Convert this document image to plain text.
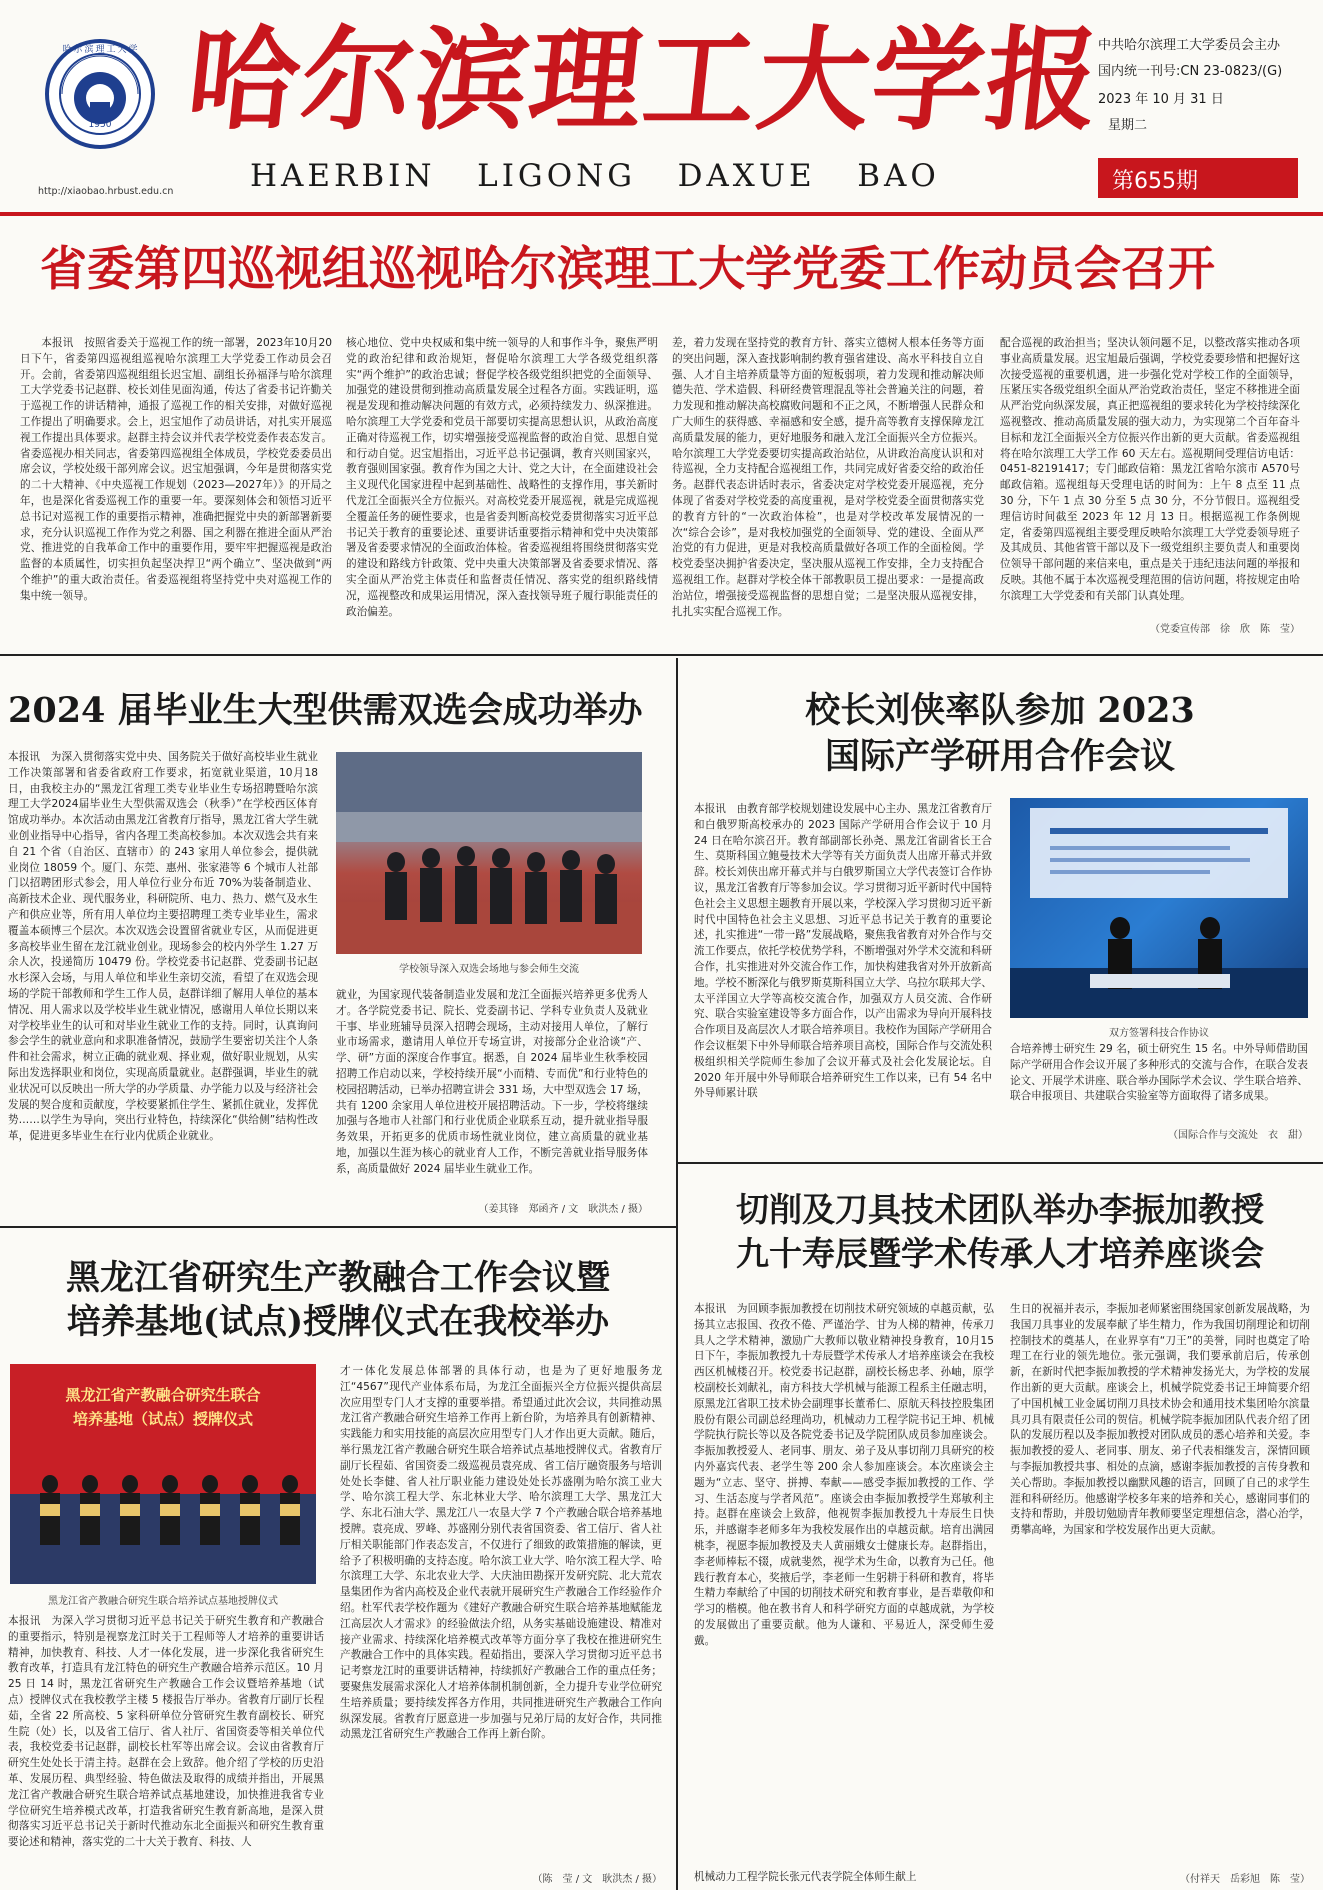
哈尔滨理工大学
1950
http://xiaobao.hrbust.edu.cn
哈尔滨理工大学报
HAERBIN   LIGONG   DAXUE   BAO
中共哈尔滨理工大学委员会主办
国内统一刊号:CN 23-0823/(G)
2023 年 10 月 31 日
星期二
第655期
省委第四巡视组巡视哈尔滨理工大学党委工作动员会召开
本报讯　按照省委关于巡视工作的统一部署，2023年10月20日下午，省委第四巡视组巡视哈尔滨理工大学党委工作动员会召开。会前，省委第四巡视组组长迟宝旭、副组长孙福泽与哈尔滨理工大学党委书记赵群、校长刘佳见面沟通，传达了省委书记许勤关于巡视工作的讲话精神，通报了巡视工作的相关安排，对做好巡视工作提出了明确要求。会上，迟宝旭作了动员讲话，对扎实开展巡视工作提出具体要求。赵群主持会议并代表学校党委作表态发言。省委巡视办相关同志，省委第四巡视组全体成员，学校党委委员出席会议，学校处级干部列席会议。迟宝旭强调，今年是贯彻落实党的二十大精神、《中央巡视工作规划（2023—2027年）》的开局之年，也是深化省委巡视工作的重要一年。要深刻体会和领悟习近平总书记对巡视工作的重要指示精神，准确把握党中央的新部署新要求，充分认识巡视工作作为党之利器、国之利器在推进全面从严治党、推进党的自我革命工作中的重要作用，要牢牢把握巡视是政治监督的本质属性，切实担负起坚决捍卫“两个确立”、坚决做到“两个维护”的重大政治责任。省委巡视组将坚持党中央对巡视工作的集中统一领导。
核心地位、党中央权威和集中统一领导的人和事作斗争，聚焦严明党的政治纪律和政治规矩，督促哈尔滨理工大学各级党组织落实“两个维护”的政治忠诚；督促学校各级党组织把党的全面领导、加强党的建设贯彻到推动高质量发展全过程各方面。实践证明，巡视是发现和推动解决问题的有效方式，必须持续发力、纵深推进。哈尔滨理工大学党委和党员干部要切实提高思想认识，从政治高度正确对待巡视工作，切实增强接受巡视监督的政治自觉、思想自觉和行动自觉。迟宝旭指出，习近平总书记强调，教育兴则国家兴，教育强则国家强。教育作为国之大计、党之大计，在全面建设社会主义现代化国家进程中起到基础性、战略性的支撑作用，事关新时代龙江全面振兴全方位振兴。对高校党委开展巡视，就是完成巡视全覆盖任务的硬性要求，也是省委判断高校党委贯彻落实习近平总书记关于教育的重要论述、重要讲话重要指示精神和党中央决策部署及省委要求情况的全面政治体检。省委巡视组将围绕贯彻落实党的建设和路线方针政策、党中央重大决策部署及省委要求情况、落实全面从严治党主体责任和监督责任情况、落实党的组织路线情况，巡视整改和成果运用情况，深入查找领导班子履行职能责任的政治偏差。
差，着力发现在坚持党的教育方针、落实立德树人根本任务等方面的突出问题，深入查找影响制约教育强省建设、高水平科技自立自强、人才自主培养质量等方面的短板弱项，着力发现和推动解决师德失范、学术造假、科研经费管理混乱等社会普遍关注的问题，着力发现和推动解决高校腐败问题和不正之风，不断增强人民群众和广大师生的获得感、幸福感和安全感，提升高等教育支撑保障龙江高质量发展的能力，更好地服务和融入龙江全面振兴全方位振兴。哈尔滨理工大学党委要切实提高政治站位，从讲政治高度认识和对待巡视，全力支持配合巡视组工作，共同完成好省委交给的政治任务。赵群代表态讲话时表示，省委决定对学校党委开展巡视，充分体现了省委对学校党委的高度重视，是对学校党委全面贯彻落实党的教育方针的“一次政治体检”，也是对学校改革发展情况的一次“综合会诊”，是对我校加强党的全面领导、党的建设、全面从严治党的有力促进，更是对我校高质量做好各项工作的全面检阅。学校党委坚决拥护省委决定，坚决服从巡视工作安排，全力支持配合巡视组工作。赵群对学校全体干部教职员工提出要求：一是提高政治站位，增强接受巡视监督的思想自觉；二是坚决服从巡视安排，扎扎实实配合巡视工作。
配合巡视的政治担当；坚决认领问题不足，以整改落实推动各项事业高质量发展。迟宝旭最后强调，学校党委要珍惜和把握好这次接受巡视的重要机遇，进一步强化党对学校工作的全面领导，压紧压实各级党组织全面从严治党政治责任，坚定不移推进全面从严治党向纵深发展，真正把巡视组的要求转化为学校持续深化巡视整改、推动高质量发展的强大动力，为实现第二个百年奋斗目标和龙江全面振兴全方位振兴作出新的更大贡献。省委巡视组将在哈尔滨理工大学工作 60 天左右。巡视期间受理信访电话：0451-82191417；专门邮政信箱：黑龙江省哈尔滨市 A570号邮政信箱。巡视组每天受理电话的时间为：上午 8 点至 11 点 30 分，下午 1 点 30 分至 5 点 30 分，不分节假日。巡视组受理信访时间截至 2023 年 12 月 13 日。根据巡视工作条例规定，省委第四巡视组主要受理反映哈尔滨理工大学党委领导班子及其成员、其他省管干部以及下一级党组织主要负责人和重要岗位领导干部问题的来信来电，重点是关于违纪违法问题的举报和反映。其他不属于本次巡视受理范围的信访问题，将按规定由哈尔滨理工大学党委和有关部门认真处理。
（党委宣传部　徐　欣　陈　莹）
2024 届毕业生大型供需双选会成功举办
本报讯　为深入贯彻落实党中央、国务院关于做好高校毕业生就业工作决策部署和省委省政府工作要求，拓宽就业渠道，10月18日，由我校主办的“黑龙江省理工类专业毕业生专场招聘暨哈尔滨理工大学2024届毕业生大型供需双选会（秋季）”在学校西区体育馆成功举办。本次活动由黑龙江省教育厅指导，黑龙江省大学生就业创业指导中心指导，省内各理工类高校参加。本次双选会共有来自 21 个省（自治区、直辖市）的 243 家用人单位参会，提供就业岗位 18059 个。厦门、东莞、惠州、张家港等 6 个城市人社部门以招聘团形式参会，用人单位行业分布近 70%为装备制造业、高新技术企业、现代服务业，科研院所、电力、热力、燃气及水生产和供应业等，所有用人单位均主要招聘理工类专业毕业生，需求覆盖本硕博三个层次。本次双选会设置留省就业专区，从而促进更多高校毕业生留在龙江就业创业。现场参会的校内外学生 1.27 万余人次，投递简历 10479 份。学校党委书记赵群、党委副书记赵水杉深入会场，与用人单位和毕业生亲切交流，看望了在双选会现场的学院干部教师和学生工作人员，赵群详细了解用人单位的基本情况、用人需求以及学校毕业生就业情况，感谢用人单位长期以来对学校毕业生的认可和对毕业生就业工作的支持。同时，认真询问参会学生的就业意向和求职准备情况，鼓励学生要密切关注个人条件和社会需求，树立正确的就业观、择业观，做好职业规划，从实际出发选择职业和岗位，实现高质量就业。赵群强调，毕业生的就业状况可以反映出一所大学的办学质量、办学能力以及与经济社会发展的契合度和贡献度，学校要紧抓住学生、紧抓住就业，发挥优势……以学生为导向，突出行业特色，持续深化“供给侧”结构性改革，促进更多毕业生在行业内优质企业就业。
学校领导深入双选会场地与参会师生交流
就业，为国家现代装备制造业发展和龙江全面振兴培养更多优秀人才。各学院党委书记、院长、党委副书记、学科专业负责人及就业干事、毕业班辅导员深入招聘会现场，主动对接用人单位，了解行业市场需求，邀请用人单位开专场宣讲，对接部分企业洽谈“产、学、研”方面的深度合作事宜。据悉，自 2024 届毕业生秋季校园招聘工作启动以来，学校持续开展“小而精、专而优”和行业特色的校园招聘活动，已举办招聘宣讲会 331 场，大中型双选会 17 场，共有 1200 余家用人单位进校开展招聘活动。下一步，学校将继续加强与各地市人社部门和行业优质企业联系互动，提升就业指导服务效果，开拓更多的优质市场性就业岗位，建立高质量的就业基地，加强以生涯为核心的就业育人工作，不断完善就业指导服务体系，高质量做好 2024 届毕业生就业工作。
（姜其锋　郑函齐 / 文　耿洪杰 / 摄）
校长刘侠率队参加 2023
国际产学研用合作会议
本报讯　由教育部学校规划建设发展中心主办、黑龙江省教育厅和白俄罗斯高校承办的 2023 国际产学研用合作会议于 10 月 24 日在哈尔滨召开。教育部副部长孙尧、黑龙江省副省长王合生、莫斯科国立鲍曼技术大学等有关方面负责人出席开幕式并致辞。校长刘侠出席开幕式并与白俄罗斯国立大学代表签订合作协议，黑龙江省教育厅等参加会议。学习贯彻习近平新时代中国特色社会主义思想主题教育开展以来，学校深入学习贯彻习近平新时代中国特色社会主义思想、习近平总书记关于教育的重要论述，扎实推进“一带一路”发展战略，聚焦我省教育对外合作与交流工作要点，依托学校优势学科，不断增强对外学术交流和科研合作，扎实推进对外交流合作工作，加快构建我省对外开放新高地。学校不断深化与俄罗斯莫斯科国立大学、乌拉尔联邦大学、太平洋国立大学等高校交流合作，加强双方人员交流、合作研究、联合实验室建设等多方面合作，以产出需求为导向开展科技合作项目及高层次人才联合培养项目。我校作为国际产学研用合作会议框架下中外导师联合培养项目高校，国际合作与交流处积极组织相关学院师生参加了会议开幕式及社会化发展论坛。自 2020 年开展中外导师联合培养研究生工作以来，已有 54 名中外导师累计联
双方签署科技合作协议
合培养博士研究生 29 名，硕士研究生 15 名。中外导师借助国际产学研用合作会议开展了多种形式的交流与合作，在联合发表论文、开展学术讲座、联合举办国际学术会议、学生联合培养、联合申报项目、共建联合实验室等方面取得了诸多成果。
（国际合作与交流处　衣　甜）
黑龙江省研究生产教融合工作会议暨
培养基地(试点)授牌仪式在我校举办
黑龙江省产教融合研究生联合
培养基地（试点）授牌仪式
黑龙江省产教融合研究生联合培养试点基地授牌仪式
本报讯　为深入学习贯彻习近平总书记关于研究生教育和产教融合的重要指示，特别是视察龙江时关于工程师等人才培养的重要讲话精神，加快教育、科技、人才一体化发展，进一步深化我省研究生教育改革，打造具有龙江特色的研究生产教融合培养示范区。10 月 25 日 14 时，黑龙江省研究生产教融合工作会议暨培养基地（试点）授牌仪式在我校教学主楼 5 楼报告厅举办。省教育厅副厅长程茹，全省 22 所高校、5 家科研单位分管研究生教育副校长、研究生院（处）长，以及省工信厅、省人社厅、省国资委等相关单位代表，我校党委书记赵群，副校长杜军等出席会议。会议由省教育厅研究生处处长于清主持。赵群在会上致辞。他介绍了学校的历史沿革、发展历程、典型经验、特色做法及取得的成绩并指出，开展黑龙江省产教融合研究生联合培养试点基地建设，加快推进我省专业学位研究生培养模式改革，打造我省研究生教育新高地，是深入贯彻落实习近平总书记关于新时代推动东北全面振兴和研究生教育重要论述和精神，落实党的二十大关于教育、科技、人
才一体化发展总体部署的具体行动，也是为了更好地服务龙江“4567”现代产业体系布局，为龙江全面振兴全方位振兴提供高层次应用型专门人才支撑的重要举措。希望通过此次会议，共同推动黑龙江省产教融合研究生培养工作再上新台阶，为培养具有创新精神、实践能力和实用技能的高层次应用型专门人才作出更大贡献。随后，举行黑龙江省产教融合研究生联合培养试点基地授牌仪式。省教育厅副厅长程茹、省国资委二级巡视员袁亮成、省工信厅融资服务与培训处处长李健、省人社厅职业能力建设处处长苏盛刚为哈尔滨工业大学、哈尔滨工程大学、东北林业大学、哈尔滨理工大学、黑龙江大学、东北石油大学、黑龙江八一农垦大学 7 个产教融合联合培养基地授牌。袁亮成、罗峰、苏盛刚分别代表省国资委、省工信厅、省人社厅相关职能部门作表态发言，不仅进行了细致的政策措施的解读，更给予了积极明确的支持态度。哈尔滨工业大学、哈尔滨工程大学、哈尔滨理工大学、东北农业大学、大庆油田勘探开发研究院、北大荒农垦集团作为省内高校及企业代表就开展研究生产教融合工作经验作介绍。杜军代表学校作题为《建好产教融合研究生联合培养基地赋能龙江高层次人才需求》的经验做法介绍，从务实基础设施建设、精准对接产业需求、持续深化培养模式改革等方面分享了我校在推进研究生产教融合工作中的具体实践。程茹指出，要深入学习贯彻习近平总书记考察龙江时的重要讲话精神，持续抓好产教融合工作的重点任务；要聚焦发展需求深化人才培养体制机制创新，全力提升专业学位研究生培养质量；要持续发挥各方作用，共同推进研究生产教融合工作向纵深发展。省教育厅愿意进一步加强与兄弟厅局的友好合作，共同推动黑龙江省研究生产教融合工作再上新台阶。
（陈　莹 / 文　耿洪杰 / 摄）
切削及刀具技术团队举办李振加教授
九十寿辰暨学术传承人才培养座谈会
本报讯　为回顾李振加教授在切削技术研究领域的卓越贡献，弘扬其立志报国、孜孜不倦、严谨治学、甘为人梯的精神，传承刀具人之学术精神，激励广大教师以敬业精神投身教育，10月15日下午，李振加教授九十寿辰暨学术传承人才培养座谈会在我校西区机械楼召开。校党委书记赵群，副校长杨忠孝、孙岫，原学校副校长刘献礼，南方科技大学机械与能源工程系主任融志明，原黑龙江省职工技术协会副理事长董希仁、原航天科技控股集团股份有限公司副总经理尚功，机械动力工程学院书记王坤、机械学院执行院长等以及各院党委书记及学院团队成员参加座谈会。李振加教授爱人、老同事、朋友、弟子及从事切削刀具研究的校内外嘉宾代表、老学生等 200 余人参加座谈会。本次座谈会主题为“立志、坚守、拼搏、奉献——感受李振加教授的工作、学习、生活态度与学者风范”。座谈会由李振加教授学生郑敏利主持。赵群在座谈会上致辞，他视贺李振加教授九十寿辰生日快乐，并感谢李老师多年为我校发展作出的卓越贡献。培育出满园桃李，视愿李振加教授及夫人黄丽娥女士健康长寿。赵群指出，李老师棒耘不辍，成就斐然，视学术为生命，以教育为己任。他践行教育本心，奖掖后学，李老师一生躬耕于科研和教育，将毕生精力奉献给了中国的切削技术研究和教育事业，是吾辈敬仰和学习的楷模。他在教书育人和科学研究方面的卓越成就，为学校的发展做出了重要贡献。他为人谦和、平易近人，深受师生爱戴。
机械动力工程学院长张元代表学院全体师生献上
生日的祝福并表示，李振加老师紧密围绕国家创新发展战略，为我国刀具事业的发展奉献了毕生精力，作为我国切削理论和切削控制技术的奠基人，在业界享有“刀王”的美誉，同时也奠定了哈理工在行业的领先地位。张元强调，我们要承前启后，传承创新，在新时代把李振加教授的学术精神发扬光大，为学校的发展作出新的更大贡献。座谈会上，机械学院党委书记王坤简要介绍了中国机械工业金属切削刀具技术协会和通用技术集团哈尔滨量具刃具有限责任公司的贺信。机械学院李振加团队代表介绍了团队的发展历程以及李振加教授对团队成员的悉心培养和关爱。李振加教授的爱人、老同事、朋友、弟子代表相继发言，深情回顾与李振加教授共事、相处的点滴，感谢李振加教授的言传身教和关心帮助。李振加教授以幽默风趣的语言，回顾了自己的求学生涯和科研经历。他感谢学校多年来的培养和关心，感谢同事们的支持和帮助，并殷切勉励青年教师要坚定理想信念，潜心治学，勇攀高峰，为国家和学校发展作出更大贡献。
（付祥天　岳彩旭　陈　莹）
